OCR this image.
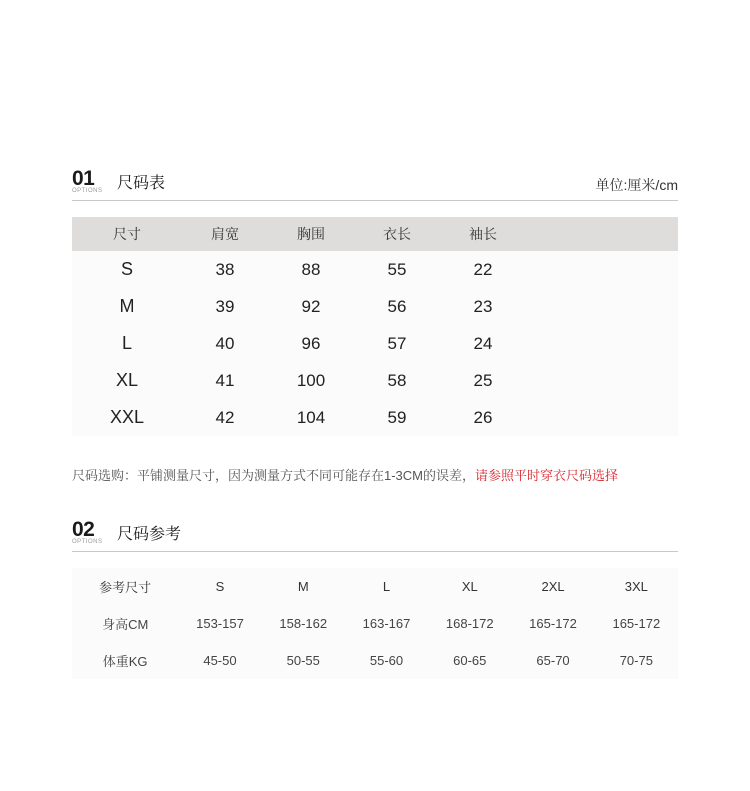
01
OPTIONS 尺码表	单位:厘米/cm
尺寸	肩宽	胸围	衣长	袖长	
S	38	88	55	22	
M	39	92	56	23	
L	40	96	57	24	
XL	41	100	58	25	
XXL	42	104	59	26	
尺码选购：平铺测量尺寸，因为测量方式不同可能存在1-3CM的误差，请参照平时穿衣尺码选择
02
OPTIONS 尺码参考
参考尺寸	S	M	L	XL	2XL	3XL
身高CM	153-157	158-162	163-167	168-172	165-172	165-172
体重KG	45-50	50-55	55-60	60-65	65-70	70-75
